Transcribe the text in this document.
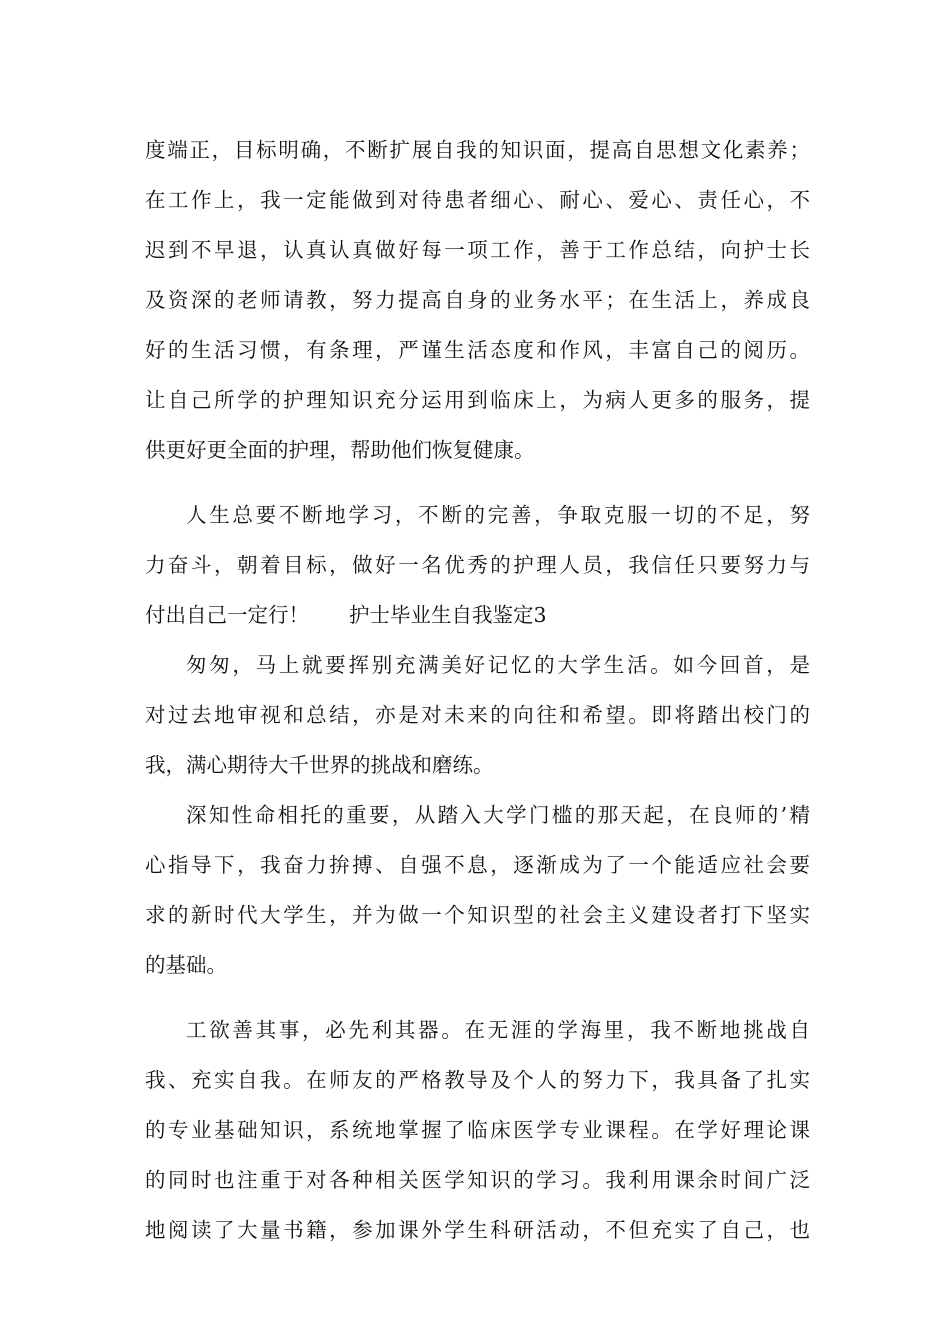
度端正，目标明确，不断扩展自我的知识面，提高自思想文化素养；
在工作上，我一定能做到对待患者细心、耐心、爱心、责任心，不
迟到不早退，认真认真做好每一项工作，善于工作总结，向护士长
及资深的老师请教，努力提高自身的业务水平；在生活上，养成良
好的生活习惯，有条理，严谨生活态度和作风，丰富自己的阅历。
让自己所学的护理知识充分运用到临床上，为病人更多的服务，提
供更好更全面的护理，帮助他们恢复健康。
人生总要不断地学习，不断的完善，争取克服一切的不足，努
力奋斗，朝着目标，做好一名优秀的护理人员，我信任只要努力与
付出自己一定行！ 护士毕业生自我鉴定3
匆匆，马上就要挥别充满美好记忆的大学生活。如今回首，是
对过去地审视和总结，亦是对未来的向往和希望。即将踏出校门的
我，满心期待大千世界的挑战和磨练。
深知性命相托的重要，从踏入大学门槛的那天起，在良师的’精
心指导下，我奋力拚搏、自强不息，逐渐成为了一个能适应社会要
求的新时代大学生，并为做一个知识型的社会主义建设者打下坚实
的基础。
工欲善其事，必先利其器。在无涯的学海里，我不断地挑战自
我、充实自我。在师友的严格教导及个人的努力下，我具备了扎实
的专业基础知识，系统地掌握了临床医学专业课程。在学好理论课
的同时也注重于对各种相关医学知识的学习。我利用课余时间广泛
地阅读了大量书籍，参加课外学生科研活动，不但充实了自己，也
